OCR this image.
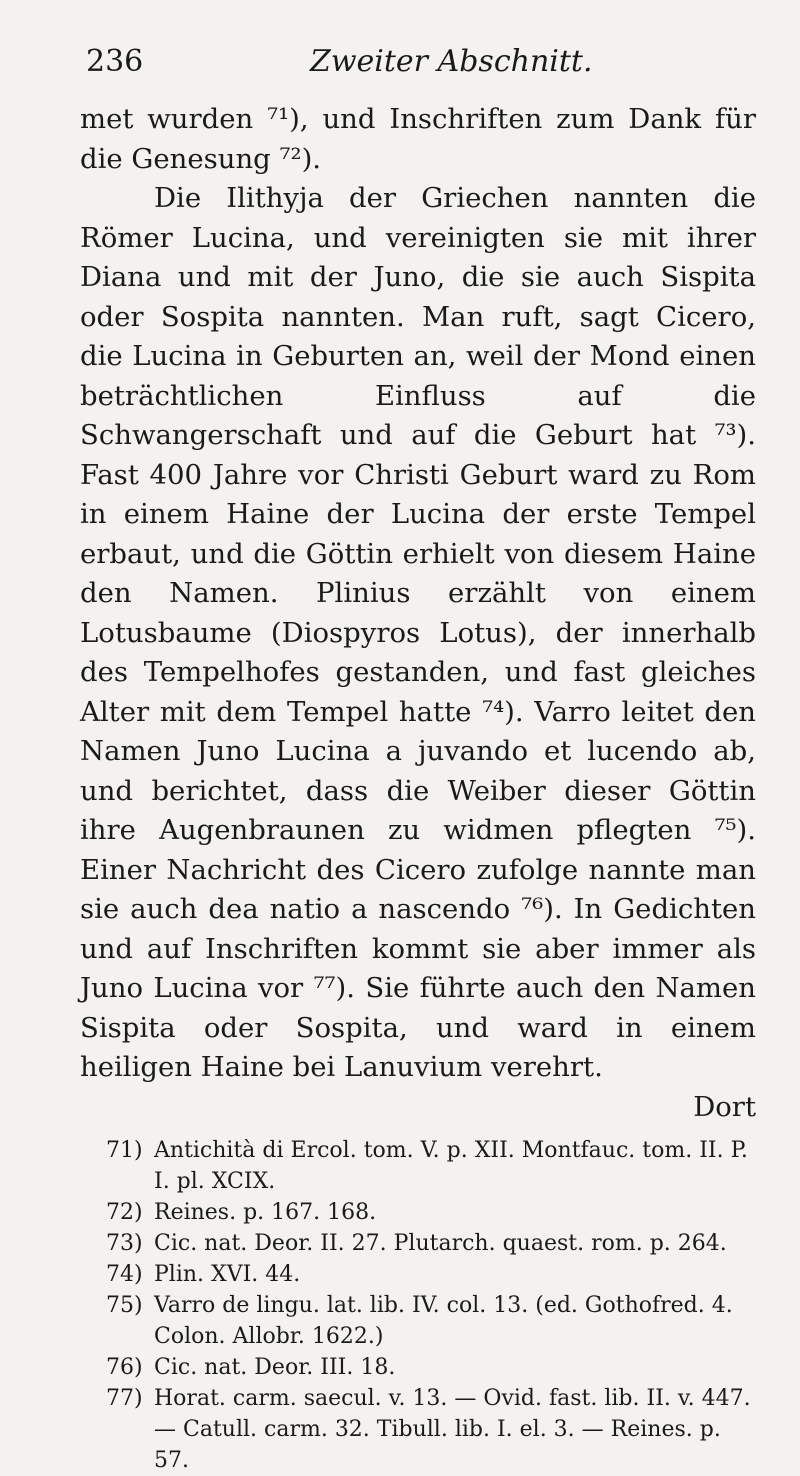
236	Zweiter Abschnitt.

met wurden ⁷¹), und Inschriften zum Dank für die Genesung ⁷²).

Die Ilithyja der Griechen nannten die Römer Lucina, und vereinigten sie mit ihrer Diana und mit der Juno, die sie auch Sispita oder Sospita nannten. Man ruft, sagt Cicero, die Lucina in Geburten an, weil der Mond einen beträchtlichen Einfluss auf die Schwangerschaft und auf die Geburt hat ⁷³). Fast 400 Jahre vor Christi Geburt ward zu Rom in einem Haine der Lucina der erste Tempel erbaut, und die Göttin erhielt von diesem Haine den Namen. Plinius erzählt von einem Lotusbaume (Diospyros Lotus), der innerhalb des Tempelhofes gestanden, und fast gleiches Alter mit dem Tempel hatte ⁷⁴). Varro leitet den Namen Juno Lucina a juvando et lucendo ab, und berichtet, dass die Weiber dieser Göttin ihre Augenbraunen zu widmen pflegten ⁷⁵). Einer Nachricht des Cicero zufolge nannte man sie auch dea natio a nascendo ⁷⁶). In Gedichten und auf Inschriften kommt sie aber immer als Juno Lucina vor ⁷⁷). Sie führte auch den Namen Sispita oder Sospita, und ward in einem heiligen Haine bei Lanuvium verehrt.

Dort
71) Antichità di Ercol. tom. V. p. XII. Montfauc. tom. II. P. I. pl. XCIX.
72) Reines. p. 167. 168.
73) Cic. nat. Deor. II. 27. Plutarch. quaest. rom. p. 264.
74) Plin. XVI. 44.
75) Varro de lingu. lat. lib. IV. col. 13. (ed. Gothofred. 4. Colon. Allobr. 1622.)
76) Cic. nat. Deor. III. 18.
77) Horat. carm. saecul. v. 13. — Ovid. fast. lib. II. v. 447. — Catull. carm. 32. Tibull. lib. I. el. 3. — Reines. p. 57.
